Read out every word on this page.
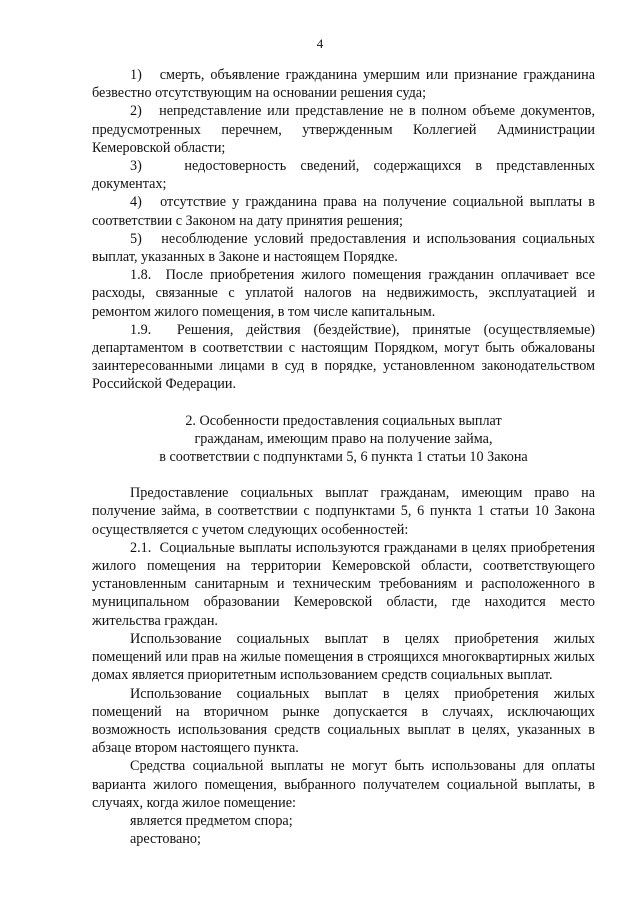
4

1)   смерть, объявление гражданина умершим или признание гражданина безвестно отсутствующим на основании решения суда;

2)   непредставление или представление не в полном объеме документов, предусмотренных перечнем, утвержденным Коллегией Администрации Кемеровской области;

3)   недостоверность сведений, содержащихся в представленных документах;

4)   отсутствие у гражданина права на получение социальной выплаты в соответствии с Законом на дату принятия решения;

5)   несоблюдение условий предоставления и использования социальных выплат, указанных в Законе и настоящем Порядке.

1.8.  После приобретения жилого помещения гражданин оплачивает все расходы, связанные с уплатой налогов на недвижимость, эксплуатацией и ремонтом жилого помещения, в том числе капитальным.

1.9.  Решения, действия (бездействие), принятые (осуществляемые) департаментом в соответствии с настоящим Порядком, могут быть обжалованы заинтересованными лицами в суд в порядке, установленном законодательством Российской Федерации.

2. Особенности предоставления социальных выплат
гражданам, имеющим право на получение займа,
в соответствии с подпунктами 5, 6 пункта 1 статьи 10 Закона

Предоставление социальных выплат гражданам, имеющим право на получение займа, в соответствии с подпунктами 5, 6 пункта 1 статьи 10 Закона осуществляется с учетом следующих особенностей:

2.1.  Социальные выплаты используются гражданами в целях приобретения жилого помещения на территории Кемеровской области, соответствующего установленным санитарным и техническим требованиям и расположенного в муниципальном образовании Кемеровской области, где находится место жительства граждан.

Использование социальных выплат в целях приобретения жилых помещений или прав на жилые помещения в строящихся многоквартирных жилых домах является приоритетным использованием средств социальных выплат.

Использование социальных выплат в целях приобретения жилых помещений на вторичном рынке допускается в случаях, исключающих возможность использования средств социальных выплат в целях, указанных в абзаце втором настоящего пункта.

Средства социальной выплаты не могут быть использованы для оплаты варианта жилого помещения, выбранного получателем социальной выплаты, в случаях, когда жилое помещение:

является предметом спора;

арестовано;
